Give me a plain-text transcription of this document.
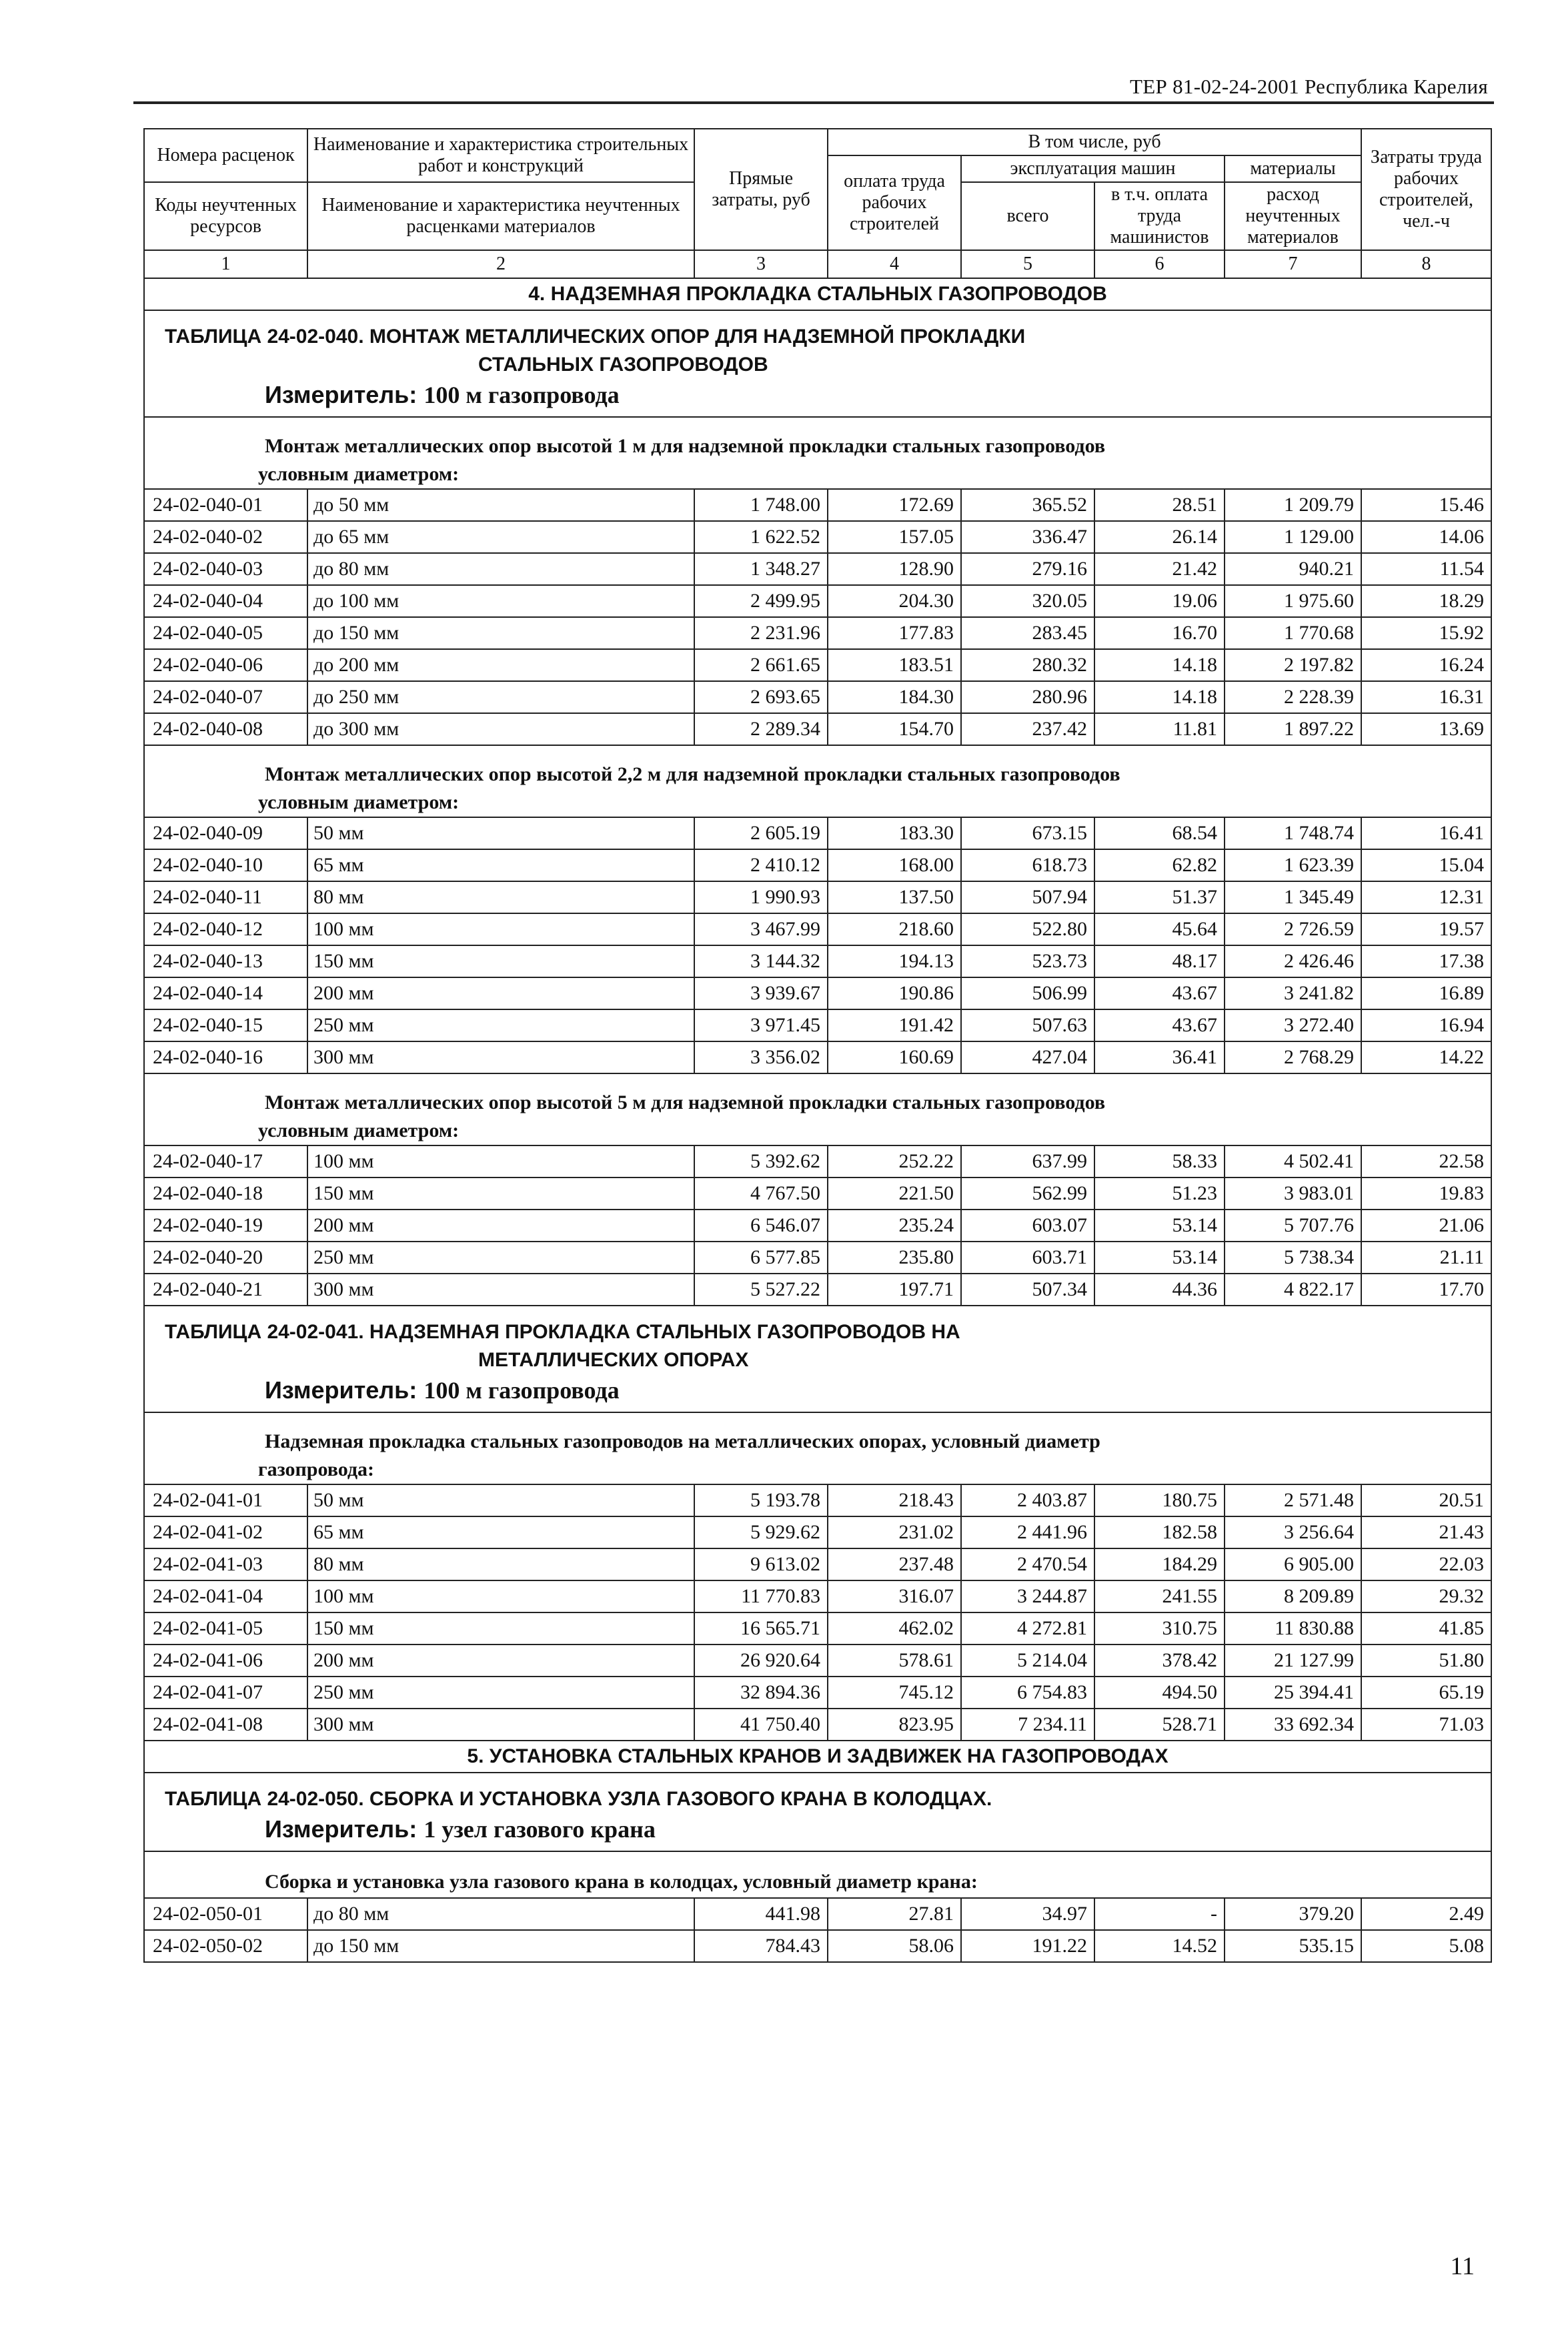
ТЕР 81-02-24-2001 Республика Карелия
Номера расценок	Наименование и характеристика строительных работ и конструкций	Прямые затраты, руб	В том числе, руб				Затраты труда рабочих строителей, чел.-ч
			оплата труда рабочих строителей	эксплуатация машин		материалы	
Коды неучтенных ресурсов	Наименование и характеристика неучтенных расценками материалов			всего	в т.ч. оплата труда машинистов	расход неучтенных материалов	

1	2	3	4	5	6	7	8
4. НАДЗЕМНАЯ ПРОКЛАДКА СТАЛЬНЫХ ГАЗОПРОВОДОВ							

ТАБЛИЦА 24-02-040. МОНТАЖ МЕТАЛЛИЧЕСКИХ ОПОР ДЛЯ НАДЗЕМНОЙ ПРОКЛАДКИ
СТАЛЬНЫХ ГАЗОПРОВОДОВ
Измеритель: 100 м газопровода							

Монтаж металлических опор высотой 1 м для надземной прокладки стальных газопроводов
условным диаметром:							

24-02-040-01	до 50 мм	1 748.00	172.69	365.52	28.51	1 209.79	15.46
24-02-040-02	до 65 мм	1 622.52	157.05	336.47	26.14	1 129.00	14.06
24-02-040-03	до 80 мм	1 348.27	128.90	279.16	21.42	940.21	11.54
24-02-040-04	до 100 мм	2 499.95	204.30	320.05	19.06	1 975.60	18.29
24-02-040-05	до 150 мм	2 231.96	177.83	283.45	16.70	1 770.68	15.92
24-02-040-06	до 200 мм	2 661.65	183.51	280.32	14.18	2 197.82	16.24
24-02-040-07	до 250 мм	2 693.65	184.30	280.96	14.18	2 228.39	16.31
24-02-040-08	до 300 мм	2 289.34	154.70	237.42	11.81	1 897.22	13.69
Монтаж металлических опор высотой 2,2 м для надземной прокладки стальных газопроводов
условным диаметром:							

24-02-040-09	50 мм	2 605.19	183.30	673.15	68.54	1 748.74	16.41
24-02-040-10	65 мм	2 410.12	168.00	618.73	62.82	1 623.39	15.04
24-02-040-11	80 мм	1 990.93	137.50	507.94	51.37	1 345.49	12.31
24-02-040-12	100 мм	3 467.99	218.60	522.80	45.64	2 726.59	19.57
24-02-040-13	150 мм	3 144.32	194.13	523.73	48.17	2 426.46	17.38
24-02-040-14	200 мм	3 939.67	190.86	506.99	43.67	3 241.82	16.89
24-02-040-15	250 мм	3 971.45	191.42	507.63	43.67	3 272.40	16.94
24-02-040-16	300 мм	3 356.02	160.69	427.04	36.41	2 768.29	14.22
Монтаж металлических опор высотой 5 м для надземной прокладки стальных газопроводов
условным диаметром:							

24-02-040-17	100 мм	5 392.62	252.22	637.99	58.33	4 502.41	22.58
24-02-040-18	150 мм	4 767.50	221.50	562.99	51.23	3 983.01	19.83
24-02-040-19	200 мм	6 546.07	235.24	603.07	53.14	5 707.76	21.06
24-02-040-20	250 мм	6 577.85	235.80	603.71	53.14	5 738.34	21.11
24-02-040-21	300 мм	5 527.22	197.71	507.34	44.36	4 822.17	17.70

ТАБЛИЦА 24-02-041. НАДЗЕМНАЯ ПРОКЛАДКА СТАЛЬНЫХ ГАЗОПРОВОДОВ НА
МЕТАЛЛИЧЕСКИХ ОПОРАХ
Измеритель: 100 м газопровода							

Надземная прокладка стальных газопроводов на металлических опорах, условный диаметр
газопровода:							

24-02-041-01	50 мм	5 193.78	218.43	2 403.87	180.75	2 571.48	20.51
24-02-041-02	65 мм	5 929.62	231.02	2 441.96	182.58	3 256.64	21.43
24-02-041-03	80 мм	9 613.02	237.48	2 470.54	184.29	6 905.00	22.03
24-02-041-04	100 мм	11 770.83	316.07	3 244.87	241.55	8 209.89	29.32
24-02-041-05	150 мм	16 565.71	462.02	4 272.81	310.75	11 830.88	41.85
24-02-041-06	200 мм	26 920.64	578.61	5 214.04	378.42	21 127.99	51.80
24-02-041-07	250 мм	32 894.36	745.12	6 754.83	494.50	25 394.41	65.19
24-02-041-08	300 мм	41 750.40	823.95	7 234.11	528.71	33 692.34	71.03
5. УСТАНОВКА СТАЛЬНЫХ КРАНОВ И ЗАДВИЖЕК НА ГАЗОПРОВОДАХ							

ТАБЛИЦА 24-02-050. СБОРКА И УСТАНОВКА УЗЛА ГАЗОВОГО КРАНА В КОЛОДЦАХ.
Измеритель: 1 узел газового крана							

Сборка и установка узла газового крана в колодцах, условный диаметр крана:							
24-02-050-01	до 80 мм	441.98	27.81	34.97	-	379.20	2.49
24-02-050-02	до 150 мм	784.43	58.06	191.22	14.52	535.15	5.08
11
